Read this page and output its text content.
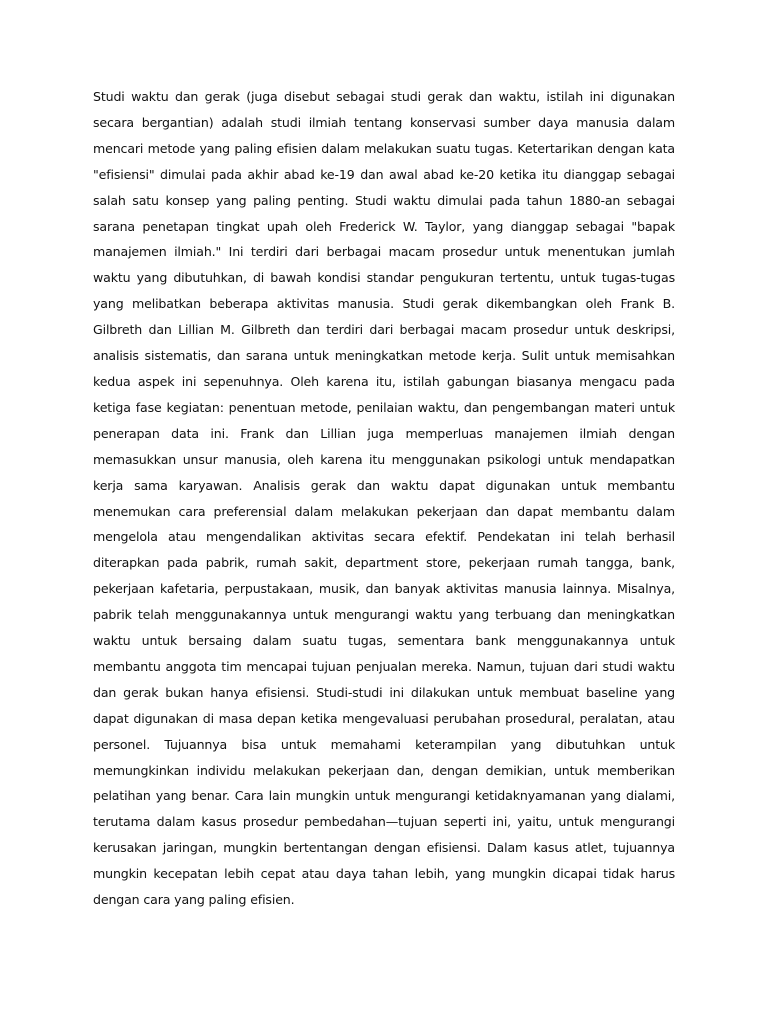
Studi waktu dan gerak (juga disebut sebagai studi gerak dan waktu, istilah ini digunakan secara bergantian) adalah studi ilmiah tentang konservasi sumber daya manusia dalam mencari metode yang paling efisien dalam melakukan suatu tugas. Ketertarikan dengan kata "efisiensi" dimulai pada akhir abad ke-19 dan awal abad ke-20 ketika itu dianggap sebagai salah satu konsep yang paling penting. Studi waktu dimulai pada tahun 1880-an sebagai sarana penetapan tingkat upah oleh Frederick W. Taylor, yang dianggap sebagai "bapak manajemen ilmiah." Ini terdiri dari berbagai macam prosedur untuk menentukan jumlah waktu yang dibutuhkan, di bawah kondisi standar pengukuran tertentu, untuk tugas-tugas yang melibatkan beberapa aktivitas manusia. Studi gerak dikembangkan oleh Frank B. Gilbreth dan Lillian M. Gilbreth dan terdiri dari berbagai macam prosedur untuk deskripsi, analisis sistematis, dan sarana untuk meningkatkan metode kerja. Sulit untuk memisahkan kedua aspek ini sepenuhnya. Oleh karena itu, istilah gabungan biasanya mengacu pada ketiga fase kegiatan: penentuan metode, penilaian waktu, dan pengembangan materi untuk penerapan data ini. Frank dan Lillian juga memperluas manajemen ilmiah dengan memasukkan unsur manusia, oleh karena itu menggunakan psikologi untuk mendapatkan kerja sama karyawan. Analisis gerak dan waktu dapat digunakan untuk membantu menemukan cara preferensial dalam melakukan pekerjaan dan dapat membantu dalam mengelola atau mengendalikan aktivitas secara efektif. Pendekatan ini telah berhasil diterapkan pada pabrik, rumah sakit, department store, pekerjaan rumah tangga, bank, pekerjaan kafetaria, perpustakaan, musik, dan banyak aktivitas manusia lainnya. Misalnya, pabrik telah menggunakannya untuk mengurangi waktu yang terbuang dan meningkatkan waktu untuk bersaing dalam suatu tugas, sementara bank menggunakannya untuk membantu anggota tim mencapai tujuan penjualan mereka. Namun, tujuan dari studi waktu dan gerak bukan hanya efisiensi. Studi-studi ini dilakukan untuk membuat baseline yang dapat digunakan di masa depan ketika mengevaluasi perubahan prosedural, peralatan, atau personel. Tujuannya bisa untuk memahami keterampilan yang dibutuhkan untuk memungkinkan individu melakukan pekerjaan dan, dengan demikian, untuk memberikan pelatihan yang benar. Cara lain mungkin untuk mengurangi ketidaknyamanan yang dialami, terutama dalam kasus prosedur pembedahan—tujuan seperti ini, yaitu, untuk mengurangi kerusakan jaringan, mungkin bertentangan dengan efisiensi. Dalam kasus atlet, tujuannya mungkin kecepatan lebih cepat atau daya tahan lebih, yang mungkin dicapai tidak harus dengan cara yang paling efisien.
